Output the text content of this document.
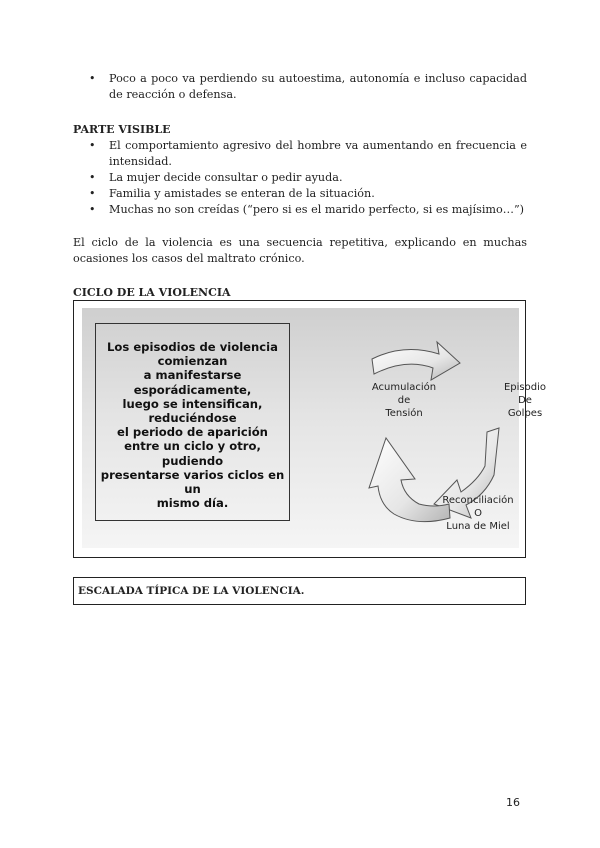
• Poco a poco va perdiendo su autoestima, autonomía e incluso capacidad de reacción o defensa.
PARTE VISIBLE
• El comportamiento agresivo del hombre va aumentando en frecuencia e intensidad.
• La mujer decide consultar o pedir ayuda.
• Familia y amistades se enteran de la situación.
• Muchas no son creídas (“pero si es el marido perfecto, si es majísimo…”)
El ciclo de la violencia es una secuencia repetitiva, explicando en muchas ocasiones los casos del maltrato crónico.
CICLO DE LA VIOLENCIA
Los episodios de violencia
comienzan
a manifestarse
esporádicamente,
luego se intensifican,
reduciéndose
el periodo de aparición
entre un ciclo y otro,
pudiendo
presentarse varios ciclos en
un
mismo día.
Acumulación
de
Tensión
Episodio
De
Golpes
Reconciliación
O
Luna de Miel
ESCALADA TÍPICA DE LA VIOLENCIA.
16
